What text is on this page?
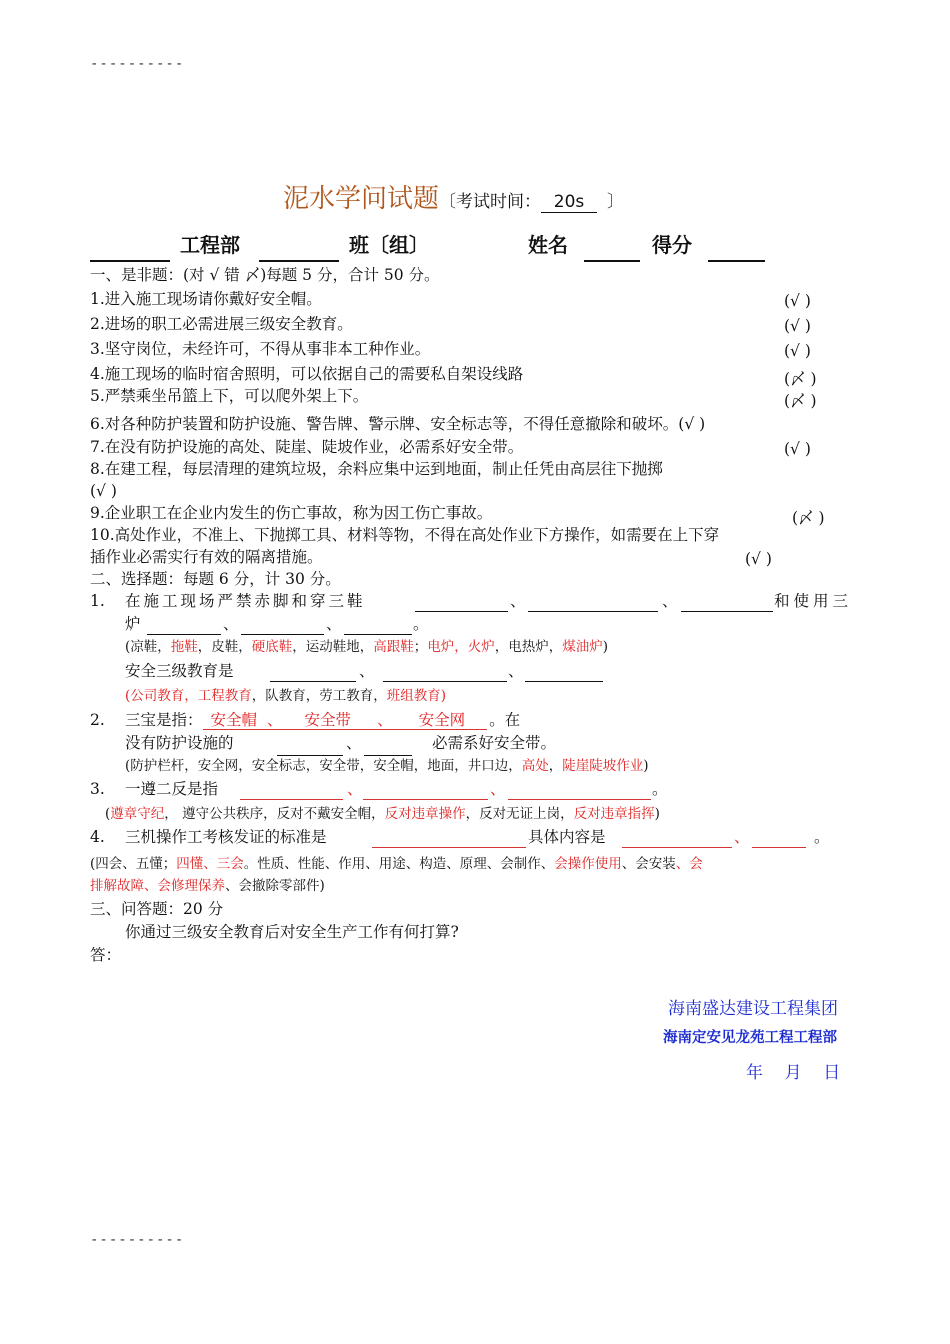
----------
----------
泥水学问试题〔考试时间： 20s 〕
工程部	班〔组〕	姓名	得分
一、是非题：(对 √ 错 〆)每题 5 分，合计 50 分。
1.进入施工现场请你戴好安全帽。	(√ )
2.进场的职工必需进展三级安全教育。	(√ )
3.坚守岗位，未经许可，不得从事非本工种作业。	(√ )
4.施工现场的临时宿舍照明，可以依据自己的需要私自架设线路	(〆 )
5.严禁乘坐吊篮上下，可以爬外架上下。	(〆 )
6.对各种防护装置和防护设施、警告牌、警示牌、安全标志等，不得任意撤除和破坏。(√ )
7.在没有防护设施的高处、陡崖、陡坡作业，必需系好安全带。	(√ )
8.在建工程，每层清理的建筑垃圾，余料应集中运到地面，制止任凭由高层往下抛掷
(√ )
9.企业职工在企业内发生的伤亡事故，称为因工伤亡事故。	(〆 )
10.高处作业，不准上、下抛掷工具、材料等物，不得在高处作业下方操作，如需要在上下穿
插作业必需实行有效的隔离措施。	(√ )
二、选择题：每题 6 分，计 30 分。
1. 在施工现场严禁赤脚和穿三鞋	、	、	和使用三
炉	、	、	。
(凉鞋，拖鞋，皮鞋，硬底鞋，运动鞋地，高跟鞋；电炉，火炉，电热炉，煤油炉)
安全三级教育是	、	、
(公司教育，工程教育，队教育，劳工教育，班组教育)
2. 三宝是指： 安全帽 、 安全带 、 安全网 。在
没有防护设施的	、	必需系好安全带。
(防护栏杆，安全网，安全标志，安全带，安全帽，地面，井口边，高处，陡崖陡坡作业)
3. 一遵二反是指	、	、	。
(遵章守纪， 遵守公共秩序，反对不戴安全帽，反对违章操作，反对无证上岗，反对违章指挥)
4. 三机操作工考核发证的标准是	具体内容是	、	。
(四会、五懂；四懂、三会。性质、性能、作用、用途、构造、原理、会制作、会操作使用、会安装、会
排解故障、会修理保养、会撤除零部件)
三、问答题：20 分
你通过三级安全教育后对安全生产工作有何打算?
答：
海南盛达建设工程集团
海南定安见龙苑工程工程部
年    月    日
